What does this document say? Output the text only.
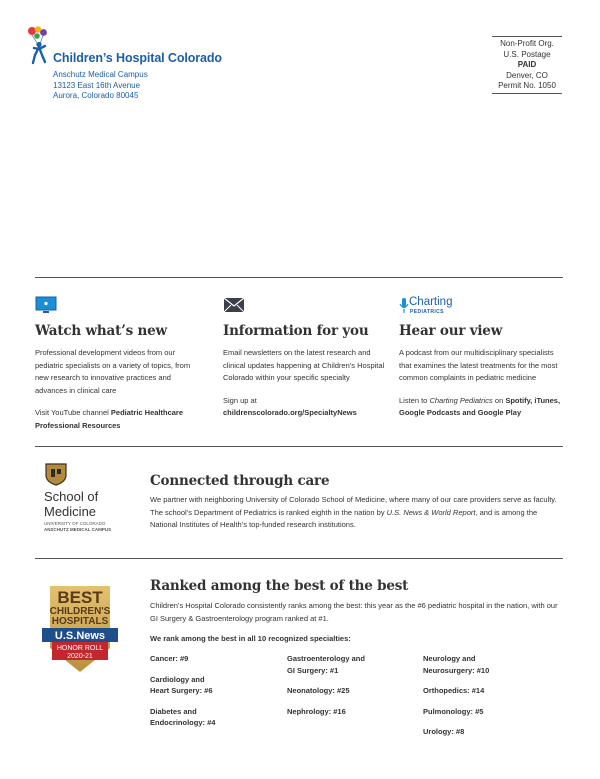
Children’s Hospital Colorado
Anschutz Medical Campus
13123 East 16th Avenue
Aurora, Colorado 80045
Non-Profit Org.
U.S. Postage
PAID
Denver, CO
Permit No. 1050
Watch what’s new

Professional development videos from our pediatric specialists on a variety of topics, from new research to innovative practices and advances in clinical care

Visit YouTube channel Pediatric Healthcare Professional Resources

Information for you

Email newsletters on the latest research and clinical updates happening at Children’s Hospital Colorado within your specific specialty

Sign up at
childrenscolorado.org/SpecialtyNews

Charting
PEDIATRICS
Hear our view

A podcast from our multidisciplinary specialists that examines the latest treatments for the most common complaints in pediatric medicine

Listen to Charting Pediatrics on Spotify, iTunes, Google Podcasts and Google Play

School of
Medicine
UNIVERSITY OF COLORADO
ANSCHUTZ MEDICAL CAMPUS
Connected through care
We partner with neighboring University of Colorado School of Medicine, where many of our care providers serve as faculty. The school’s Department of Pediatrics is ranked eighth in the nation by U.S. News & World Report, and is among the National Institutes of Health’s top-funded research institutions.
BEST
CHILDREN'S
HOSPITALS
U.S.News
HONOR ROLL
2020-21
Ranked among the best of the best
Children’s Hospital Colorado consistently ranks among the best: this year as the #6 pediatric hospital in the nation, with our GI Surgery & Gastroenterology program ranked at #1.
We rank among the best in all 10 recognized specialties:
Cancer: #9
Cardiology and
Heart Surgery: #6
Diabetes and
Endocrinology: #4
Gastroenterology and
GI Surgery: #1
Neonatology: #25
Nephrology: #16
Neurology and
Neurosurgery: #10
Orthopedics: #14
Pulmonology: #5
Urology: #8
